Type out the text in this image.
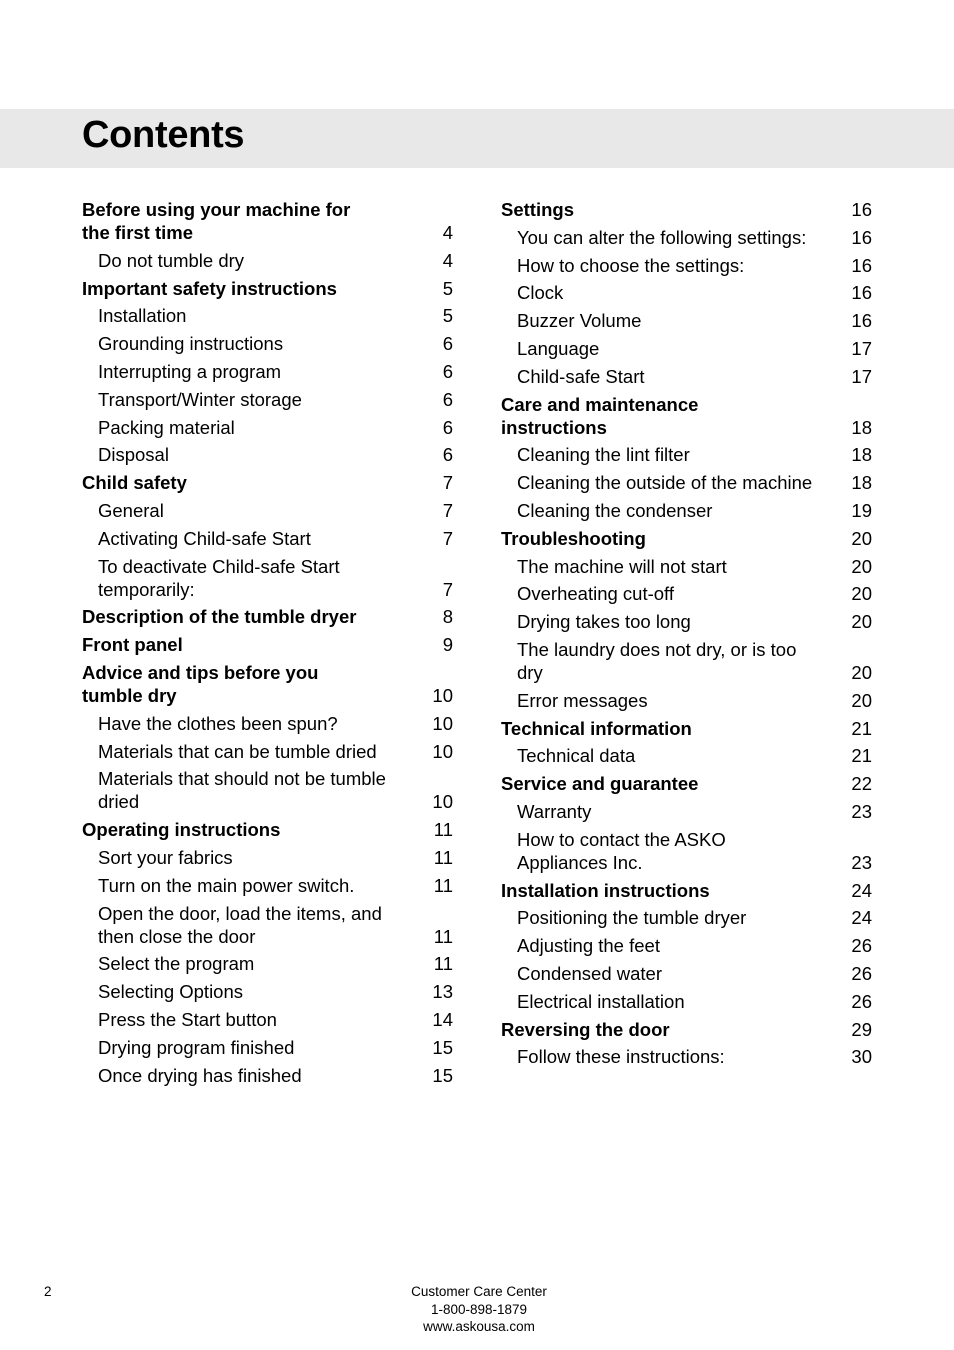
Contents
Before using your machine for the first time	4
Do not tumble dry	4
Important safety instructions	5
Installation	5
Grounding instructions	6
Interrupting a program	6
Transport/Winter storage	6
Packing material	6
Disposal	6
Child safety	7
General	7
Activating Child-safe Start	7
To deactivate Child-safe Start temporarily:	7
Description of the tumble dryer	8
Front panel	9
Advice and tips before you tumble dry	10
Have the clothes been spun?	10
Materials that can be tumble dried	10
Materials that should not be tumble dried	10
Operating instructions	11
Sort your fabrics	11
Turn on the main power switch.	11
Open the door, load the items, and then close the door	11
Select the program	11
Selecting Options	13
Press the Start button	14
Drying program finished	15
Once drying has finished	15
Settings	16
You can alter the following settings: 16
How to choose the settings:	16
Clock	16
Buzzer Volume	16
Language	17
Child-safe Start	17
Care and maintenance instructions	18
Cleaning the lint filter	18
Cleaning the outside of the machine 18
Cleaning the condenser	19
Troubleshooting	20
The machine will not start	20
Overheating cut-off	20
Drying takes too long	20
The laundry does not dry, or is too dry	20
Error messages	20
Technical information	21
Technical data	21
Service and guarantee	22
Warranty	23
How to contact the ASKO Appliances Inc.	23
Installation instructions	24
Positioning the tumble dryer	24
Adjusting the feet	26
Condensed water	26
Electrical installation	26
Reversing the door	29
Follow these instructions:	30
2	Customer Care Center
1-800-898-1879
www.askousa.com
